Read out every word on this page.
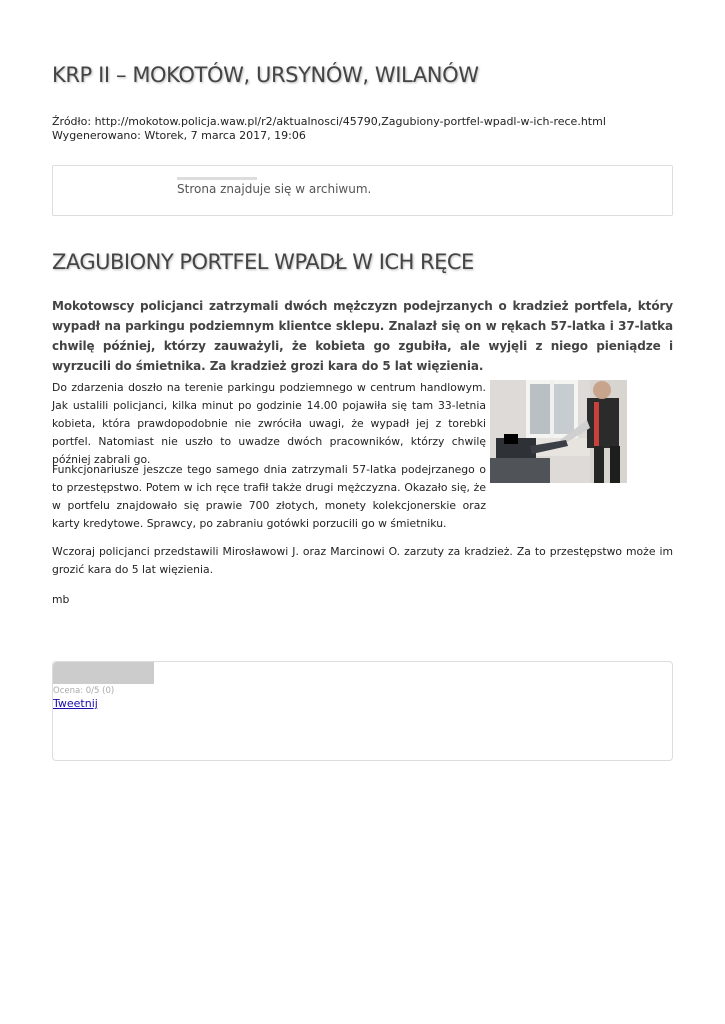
KRP II – MOKOTÓW, URSYNÓW, WILANÓW
Źródło: http://mokotow.policja.waw.pl/r2/aktualnosci/45790,Zagubiony-portfel-wpadl-w-ich-rece.html
Wygenerowano: Wtorek, 7 marca 2017, 19:06
Strona znajduje się w archiwum.
ZAGUBIONY PORTFEL WPADŁ W ICH RĘCE

Mokotowscy policjanci zatrzymali dwóch mężczyzn podejrzanych o kradzież portfela, który wypadł na parkingu podziemnym klientce sklepu. Znalazł się on w rękach 57-latka i 37-latka chwilę później, którzy zauważyli, że kobieta go zgubiła, ale wyjęli z niego pieniądze i wyrzucili do śmietnika. Za kradzież grozi kara do 5 lat więzienia.

Do zdarzenia doszło na terenie parkingu podziemnego w centrum handlowym. Jak ustalili policjanci, kilka minut po godzinie 14.00 pojawiła się tam 33-letnia kobieta, która prawdopodobnie nie zwróciła uwagi, że wypadł jej z torebki portfel. Natomiast nie uszło to uwadze dwóch pracowników, którzy chwilę później zabrali go.

Funkcjonariusze jeszcze tego samego dnia zatrzymali 57-latka podejrzanego o to przestępstwo. Potem w ich ręce trafił także drugi mężczyzna. Okazało się, że w portfelu znajdowało się prawie 700 złotych, monety kolekcjonerskie oraz karty kredytowe. Sprawcy, po zabraniu gotówki porzucili go w śmietniku.

Wczoraj policjanci przedstawili Mirosławowi J. oraz Marcinowi O. zarzuty za kradzież. Za to przestępstwo może im grozić kara do 5 lat więzienia.

mb
Ocena: 0/5 (0)
Tweetnij
